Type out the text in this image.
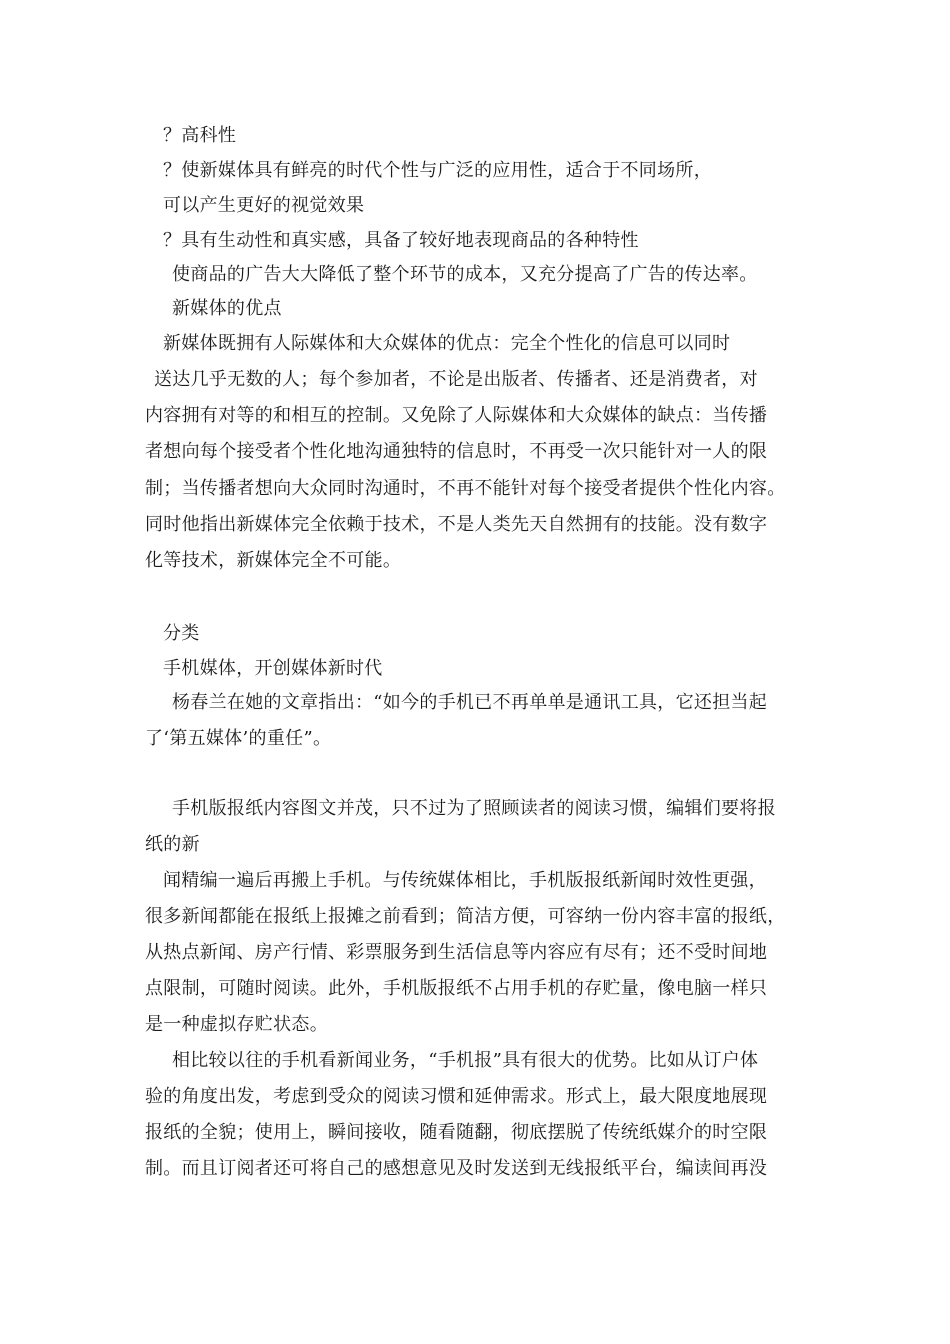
？高科性
？使新媒体具有鲜亮的时代个性与广泛的应用性，适合于不同场所，
可以产生更好的视觉效果
？具有生动性和真实感，具备了较好地表现商品的各种特性
使商品的广告大大降低了整个环节的成本，又充分提高了广告的传达率。
新媒体的优点
新媒体既拥有人际媒体和大众媒体的优点：完全个性化的信息可以同时
送达几乎无数的人；每个参加者，不论是出版者、传播者、还是消费者，对
内容拥有对等的和相互的控制。又免除了人际媒体和大众媒体的缺点：当传播
者想向每个接受者个性化地沟通独特的信息时，不再受一次只能针对一人的限
制；当传播者想向大众同时沟通时，不再不能针对每个接受者提供个性化内容。
同时他指出新媒体完全依赖于技术，不是人类先天自然拥有的技能。没有数字
化等技术，新媒体完全不可能。
分类
手机媒体，开创媒体新时代
杨春兰在她的文章指出：“如今的手机已不再单单是通讯工具，它还担当起
了‘第五媒体’的重任”。
手机版报纸内容图文并茂，只不过为了照顾读者的阅读习惯，编辑们要将报
纸的新
闻精编一遍后再搬上手机。与传统媒体相比，手机版报纸新闻时效性更强，
很多新闻都能在报纸上报摊之前看到；简洁方便，可容纳一份内容丰富的报纸，
从热点新闻、房产行情、彩票服务到生活信息等内容应有尽有；还不受时间地
点限制，可随时阅读。此外，手机版报纸不占用手机的存贮量，像电脑一样只
是一种虚拟存贮状态。
相比较以往的手机看新闻业务，“手机报”具有很大的优势。比如从订户体
验的角度出发，考虑到受众的阅读习惯和延伸需求。形式上，最大限度地展现
报纸的全貌；使用上，瞬间接收，随看随翻，彻底摆脱了传统纸媒介的时空限
制。而且订阅者还可将自己的感想意见及时发送到无线报纸平台，编读间再没
